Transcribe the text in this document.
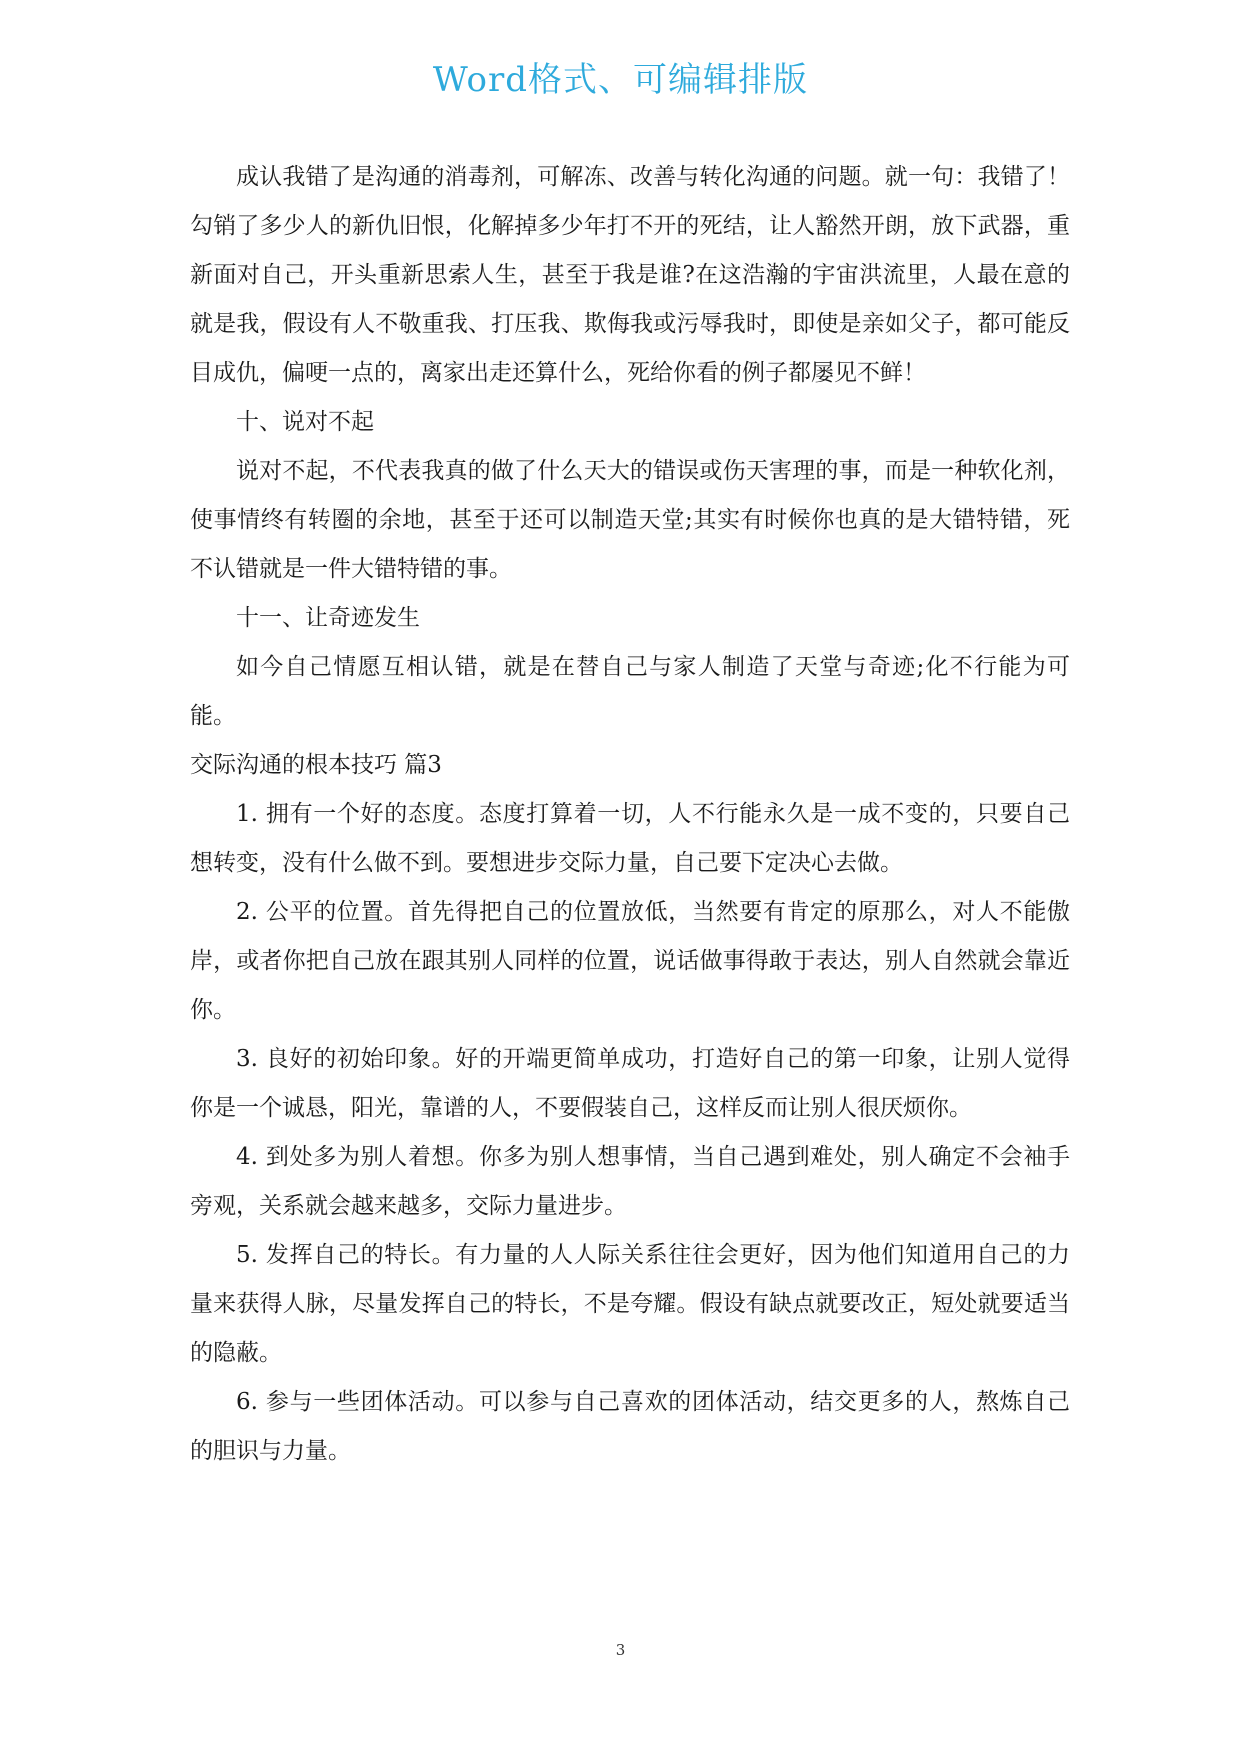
Word格式、可编辑排版

成认我错了是沟通的消毒剂，可解冻、改善与转化沟通的问题。就一句：我错了！勾销了多少人的新仇旧恨，化解掉多少年打不开的死结，让人豁然开朗，放下武器，重新面对自己，开头重新思索人生，甚至于我是谁?在这浩瀚的宇宙洪流里，人最在意的就是我，假设有人不敬重我、打压我、欺侮我或污辱我时，即使是亲如父子，都可能反目成仇，偏哽一点的，离家出走还算什么，死给你看的例子都屡见不鲜！

十、说对不起

说对不起，不代表我真的做了什么天大的错误或伤天害理的事，而是一种软化剂，使事情终有转圈的余地，甚至于还可以制造天堂;其实有时候你也真的是大错特错，死不认错就是一件大错特错的事。

十一、让奇迹发生

如今自己情愿互相认错，就是在替自己与家人制造了天堂与奇迹;化不行能为可能。

交际沟通的根本技巧 篇3

1. 拥有一个好的态度。态度打算着一切，人不行能永久是一成不变的，只要自己想转变，没有什么做不到。要想进步交际力量，自己要下定决心去做。

2. 公平的位置。首先得把自己的位置放低，当然要有肯定的原那么，对人不能傲岸，或者你把自己放在跟其别人同样的位置，说话做事得敢于表达，别人自然就会靠近你。

3. 良好的初始印象。好的开端更简单成功，打造好自己的第一印象，让别人觉得你是一个诚恳，阳光，靠谱的人，不要假装自己，这样反而让别人很厌烦你。

4. 到处多为别人着想。你多为别人想事情，当自己遇到难处，别人确定不会袖手旁观，关系就会越来越多，交际力量进步。

5. 发挥自己的特长。有力量的人人际关系往往会更好，因为他们知道用自己的力量来获得人脉，尽量发挥自己的特长，不是夸耀。假设有缺点就要改正，短处就要适当的隐蔽。

6. 参与一些团体活动。可以参与自己喜欢的团体活动，结交更多的人，熬炼自己的胆识与力量。

3
